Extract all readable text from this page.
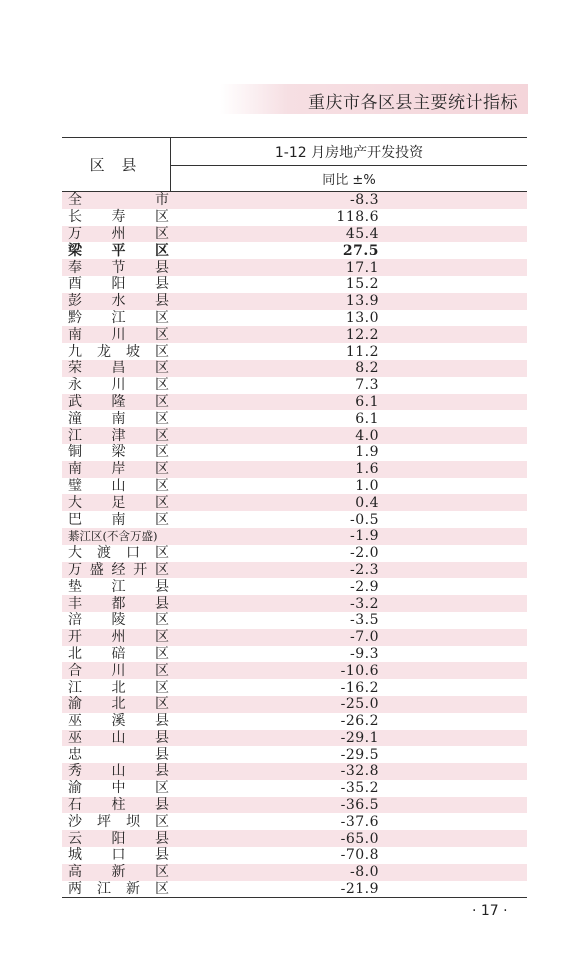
重庆市各区县主要统计指标
区 县
1-12 月房地产开发投资
同比 ±%
全	市	-8.3
长 寿 区	118.6
万 州 区	45.4
梁 平 区	27.5
奉 节 县	17.1
酉 阳 县	15.2
彭 水 县	13.9
黔 江 区	13.0
南 川 区	12.2
九 龙 坡 区	11.2
荣 昌 区	8.2
永 川 区	7.3
武 隆 区	6.1
潼 南 区	6.1
江 津 区	4.0
铜 梁 区	1.9
南 岸 区	1.6
璧 山 区	1.0
大 足 区	0.4
巴 南 区	-0.5
綦江区(不含万盛)	-1.9
大 渡 口 区	-2.0
万 盛 经 开 区	-2.3
垫 江 县	-2.9
丰 都 县	-3.2
涪 陵 区	-3.5
开 州 区	-7.0
北 碚 区	-9.3
合 川 区	-10.6
江 北 区	-16.2
渝 北 区	-25.0
巫 溪 县	-26.2
巫 山 县	-29.1
忠	县	-29.5
秀 山 县	-32.8
渝 中 区	-35.2
石 柱 县	-36.5
沙 坪 坝 区	-37.6
云 阳 县	-65.0
城 口 县	-70.8
高 新 区	-8.0
两 江 新 区	-21.9
· 17 ·
